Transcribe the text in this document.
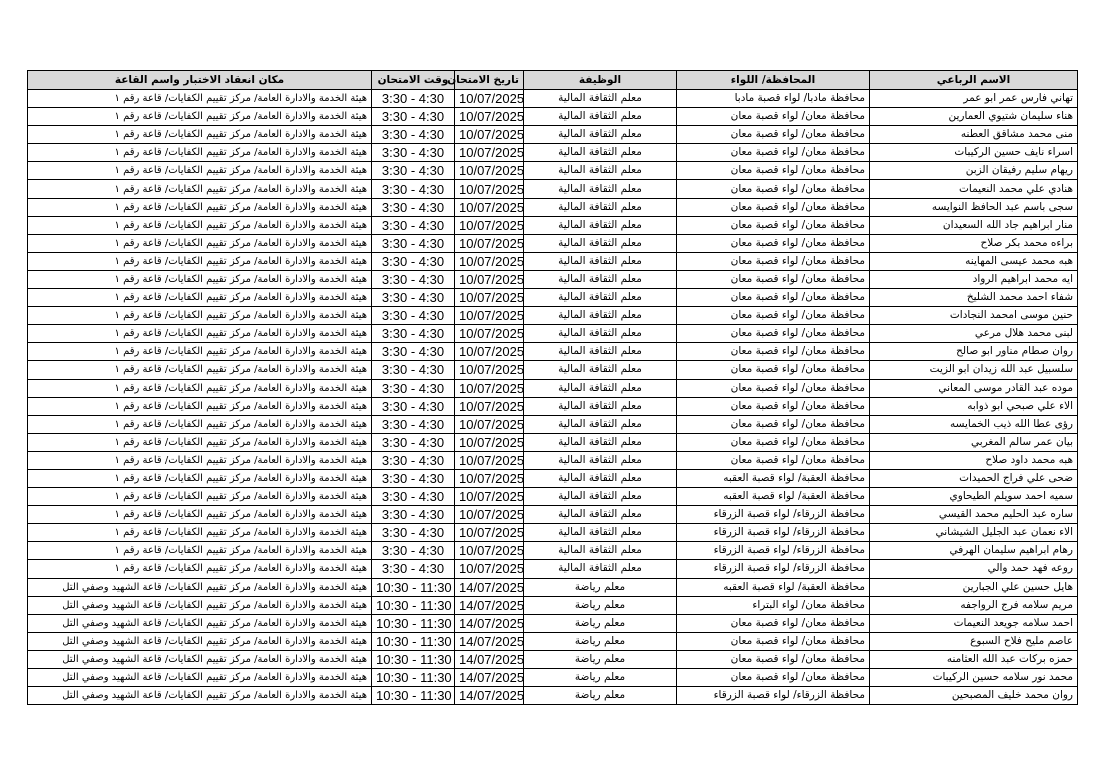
الاسم الرباعي	المحافظة/ اللواء	الوظيفة	تاريخ الامتحان	وقت الامتحان	مكان انعقاد الاختبار واسم القاعة
تهاني فارس عمر ابو عمر	محافظة مادبا/ لواء قصبة مادبا	معلم الثقافة المالية	10/07/2025	3:30 - 4:30	هيئة الخدمة والادارة العامة/ مركز تقييم الكفايات/ قاعة رقم ١
هناء سليمان شتيوي العمارين	محافظة معان/ لواء قصبة معان	معلم الثقافة المالية	10/07/2025	3:30 - 4:30	هيئة الخدمة والادارة العامة/ مركز تقييم الكفايات/ قاعة رقم ١
منى محمد مشاقق العطنه	محافظة معان/ لواء قصبة معان	معلم الثقافة المالية	10/07/2025	3:30 - 4:30	هيئة الخدمة والادارة العامة/ مركز تقييم الكفايات/ قاعة رقم ١
اسراء نايف حسين الركيبات	محافظة معان/ لواء قصبة معان	معلم الثقافة المالية	10/07/2025	3:30 - 4:30	هيئة الخدمة والادارة العامة/ مركز تقييم الكفايات/ قاعة رقم ١
ريهام سليم رفيقان الزبن	محافظة معان/ لواء قصبة معان	معلم الثقافة المالية	10/07/2025	3:30 - 4:30	هيئة الخدمة والادارة العامة/ مركز تقييم الكفايات/ قاعة رقم ١
هنادي علي محمد النعيمات	محافظة معان/ لواء قصبة معان	معلم الثقافة المالية	10/07/2025	3:30 - 4:30	هيئة الخدمة والادارة العامة/ مركز تقييم الكفايات/ قاعة رقم ١
سجى باسم عبد الحافظ النوايسه	محافظة معان/ لواء قصبة معان	معلم الثقافة المالية	10/07/2025	3:30 - 4:30	هيئة الخدمة والادارة العامة/ مركز تقييم الكفايات/ قاعة رقم ١
منار ابراهيم جاد الله السعيدان	محافظة معان/ لواء قصبة معان	معلم الثقافة المالية	10/07/2025	3:30 - 4:30	هيئة الخدمة والادارة العامة/ مركز تقييم الكفايات/ قاعة رقم ١
براءه محمد بكر صلاح	محافظة معان/ لواء قصبة معان	معلم الثقافة المالية	10/07/2025	3:30 - 4:30	هيئة الخدمة والادارة العامة/ مركز تقييم الكفايات/ قاعة رقم ١
هبه محمد عيسى المهاينه	محافظة معان/ لواء قصبة معان	معلم الثقافة المالية	10/07/2025	3:30 - 4:30	هيئة الخدمة والادارة العامة/ مركز تقييم الكفايات/ قاعة رقم ١
ايه محمد ابراهيم الرواد	محافظة معان/ لواء قصبة معان	معلم الثقافة المالية	10/07/2025	3:30 - 4:30	هيئة الخدمة والادارة العامة/ مركز تقييم الكفايات/ قاعة رقم ١
شفاء احمد محمد الشليخ	محافظة معان/ لواء قصبة معان	معلم الثقافة المالية	10/07/2025	3:30 - 4:30	هيئة الخدمة والادارة العامة/ مركز تقييم الكفايات/ قاعة رقم ١
حنين موسى امحمد النجادات	محافظة معان/ لواء قصبة معان	معلم الثقافة المالية	10/07/2025	3:30 - 4:30	هيئة الخدمة والادارة العامة/ مركز تقييم الكفايات/ قاعة رقم ١
لبنى محمد هلال مرعي	محافظة معان/ لواء قصبة معان	معلم الثقافة المالية	10/07/2025	3:30 - 4:30	هيئة الخدمة والادارة العامة/ مركز تقييم الكفايات/ قاعة رقم ١
روان صطام مناور ابو صالح	محافظة معان/ لواء قصبة معان	معلم الثقافة المالية	10/07/2025	3:30 - 4:30	هيئة الخدمة والادارة العامة/ مركز تقييم الكفايات/ قاعة رقم ١
سلسبيل عبد الله زيدان ابو الزيت	محافظة معان/ لواء قصبة معان	معلم الثقافة المالية	10/07/2025	3:30 - 4:30	هيئة الخدمة والادارة العامة/ مركز تقييم الكفايات/ قاعة رقم ١
موده عبد القادر موسى المعاني	محافظة معان/ لواء قصبة معان	معلم الثقافة المالية	10/07/2025	3:30 - 4:30	هيئة الخدمة والادارة العامة/ مركز تقييم الكفايات/ قاعة رقم ١
الاء علي صبحي ابو ذوابه	محافظة معان/ لواء قصبة معان	معلم الثقافة المالية	10/07/2025	3:30 - 4:30	هيئة الخدمة والادارة العامة/ مركز تقييم الكفايات/ قاعة رقم ١
رؤى عطا الله ذيب الخمايسه	محافظة معان/ لواء قصبة معان	معلم الثقافة المالية	10/07/2025	3:30 - 4:30	هيئة الخدمة والادارة العامة/ مركز تقييم الكفايات/ قاعة رقم ١
بيان عمر سالم المغربي	محافظة معان/ لواء قصبة معان	معلم الثقافة المالية	10/07/2025	3:30 - 4:30	هيئة الخدمة والادارة العامة/ مركز تقييم الكفايات/ قاعة رقم ١
هبه محمد داود صلاح	محافظة معان/ لواء قصبة معان	معلم الثقافة المالية	10/07/2025	3:30 - 4:30	هيئة الخدمة والادارة العامة/ مركز تقييم الكفايات/ قاعة رقم ١
ضحى علي فراج الحميدات	محافظة العقبة/ لواء قصبة العقبه	معلم الثقافة المالية	10/07/2025	3:30 - 4:30	هيئة الخدمة والادارة العامة/ مركز تقييم الكفايات/ قاعة رقم ١
سميه احمد سويلم الطيحاوي	محافظة العقبة/ لواء قصبة العقبه	معلم الثقافة المالية	10/07/2025	3:30 - 4:30	هيئة الخدمة والادارة العامة/ مركز تقييم الكفايات/ قاعة رقم ١
ساره عبد الحليم محمد القيسي	محافظة الزرقاء/ لواء قصبة الزرقاء	معلم الثقافة المالية	10/07/2025	3:30 - 4:30	هيئة الخدمة والادارة العامة/ مركز تقييم الكفايات/ قاعة رقم ١
الاء نعمان عبد الجليل الشيشاني	محافظة الزرقاء/ لواء قصبة الزرقاء	معلم الثقافة المالية	10/07/2025	3:30 - 4:30	هيئة الخدمة والادارة العامة/ مركز تقييم الكفايات/ قاعة رقم ١
رهام ابراهيم سليمان الهرفي	محافظة الزرقاء/ لواء قصبة الزرقاء	معلم الثقافة المالية	10/07/2025	3:30 - 4:30	هيئة الخدمة والادارة العامة/ مركز تقييم الكفايات/ قاعة رقم ١
روعه فهد حمد والي	محافظة الزرقاء/ لواء قصبة الزرقاء	معلم الثقافة المالية	10/07/2025	3:30 - 4:30	هيئة الخدمة والادارة العامة/ مركز تقييم الكفايات/ قاعة رقم ١
هايل حسين علي الجبارين	محافظة العقبة/ لواء قصبة العقبه	معلم رياضة	14/07/2025	10:30 - 11:30	هيئة الخدمة والادارة العامة/ مركز تقييم الكفايات/ قاعة الشهيد وصفي التل
مريم سلامه فرج الرواجفه	محافظة معان/ لواء البتراء	معلم رياضة	14/07/2025	10:30 - 11:30	هيئة الخدمة والادارة العامة/ مركز تقييم الكفايات/ قاعة الشهيد وصفي التل
احمد سلامه جويعد النعيمات	محافظة معان/ لواء قصبة معان	معلم رياضة	14/07/2025	10:30 - 11:30	هيئة الخدمة والادارة العامة/ مركز تقييم الكفايات/ قاعة الشهيد وصفي التل
عاصم مليح فلاح السبوع	محافظة معان/ لواء قصبة معان	معلم رياضة	14/07/2025	10:30 - 11:30	هيئة الخدمة والادارة العامة/ مركز تقييم الكفايات/ قاعة الشهيد وصفي التل
حمزه بركات عبد الله العثامنه	محافظة معان/ لواء قصبة معان	معلم رياضة	14/07/2025	10:30 - 11:30	هيئة الخدمة والادارة العامة/ مركز تقييم الكفايات/ قاعة الشهيد وصفي التل
محمد نور سلامه حسين الركيبات	محافظة معان/ لواء قصبة معان	معلم رياضة	14/07/2025	10:30 - 11:30	هيئة الخدمة والادارة العامة/ مركز تقييم الكفايات/ قاعة الشهيد وصفي التل
روان محمد خليف المصبحين	محافظة الزرقاء/ لواء قصبة الزرقاء	معلم رياضة	14/07/2025	10:30 - 11:30	هيئة الخدمة والادارة العامة/ مركز تقييم الكفايات/ قاعة الشهيد وصفي التل
